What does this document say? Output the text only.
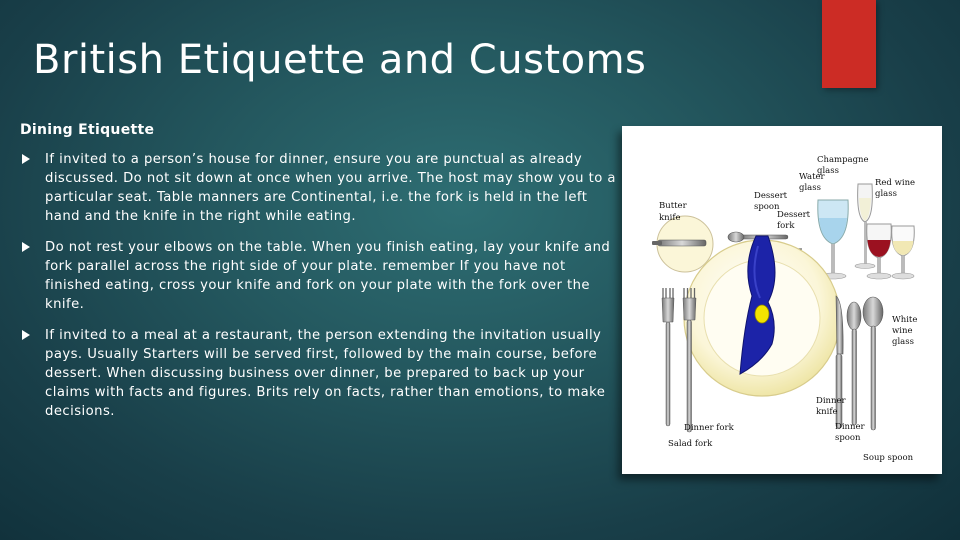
British Etiquette and Customs
Dining Etiquette
If invited to a person’s house for dinner, ensure you are punctual as already discussed. Do not sit down at once when you arrive. The host may show you to a particular seat. Table manners are Continental, i.e. the fork is held in the left hand and the knife in the right while eating.
Do not rest your elbows on the table. When you finish eating, lay your knife and fork parallel across the right side of your plate. remember If you have not finished eating, cross your knife and fork on your plate with the fork over the knife.
If invited to a meal at a restaurant, the person extending the invitation usually pays. Usually Starters will be served first, followed by the main course, before dessert. When discussing business over dinner, be prepared to back up your claims with facts and figures. Brits rely on facts, rather than emotions, to make decisions.
Champagne
glass
Water
glass	Red wine
glass
Dessert
spoon
Butter
knife	Dessert
fork
White
wine
glass
Dinner
knife
Dinner fork	Dinner
spoon
Salad fork
Soup spoon
